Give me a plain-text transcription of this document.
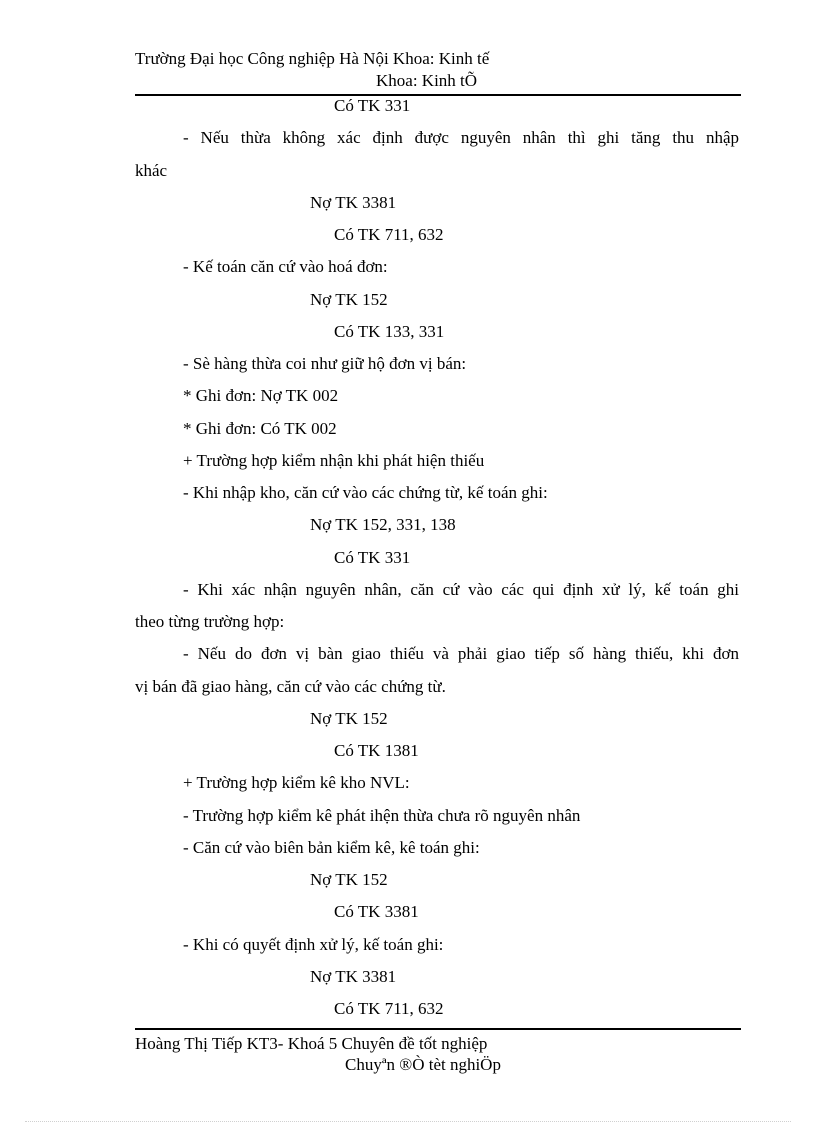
Trường Đại học Công nghiệp Hà Nội Khoa: Kinh tế
Khoa: Kinh tÕ
Có TK 331
- Nếu thừa không xác định được nguyên nhân thì ghi tăng thu nhập
khác
Nợ TK 3381
Có TK 711, 632
- Kế toán căn cứ vào hoá đơn:
Nợ TK 152
Có TK 133, 331
- Sè hàng thừa coi như giữ hộ đơn vị bán:
* Ghi đơn: Nợ TK 002
* Ghi đơn: Có TK 002
+ Trường hợp kiểm nhận khi phát hiện thiếu
- Khi nhập kho, căn cứ vào các chứng từ, kế toán ghi:
Nợ TK 152, 331, 138
Có TK 331
- Khi xác nhận nguyên nhân, căn cứ vào các qui định xử lý, kế toán ghi
theo từng trường hợp:
- Nếu do đơn vị bàn giao thiếu và phải giao tiếp số hàng thiếu, khi đơn
vị bán đã giao hàng, căn cứ vào các chứng từ.
Nợ TK 152
Có TK 1381
+ Trường hợp kiểm kê kho NVL:
- Trường hợp kiểm kê phát ihện thừa chưa rõ nguyên nhân
- Căn cứ vào biên bản kiểm kê, kê toán ghi:
Nợ TK 152
Có TK 3381
- Khi có quyết định xử lý, kế toán ghi:
Nợ TK 3381
Có TK 711, 632
Hoàng Thị Tiếp KT3- Khoá 5 Chuyên đề tốt nghiệp
Chuyªn ®Ò tèt nghiÖp
